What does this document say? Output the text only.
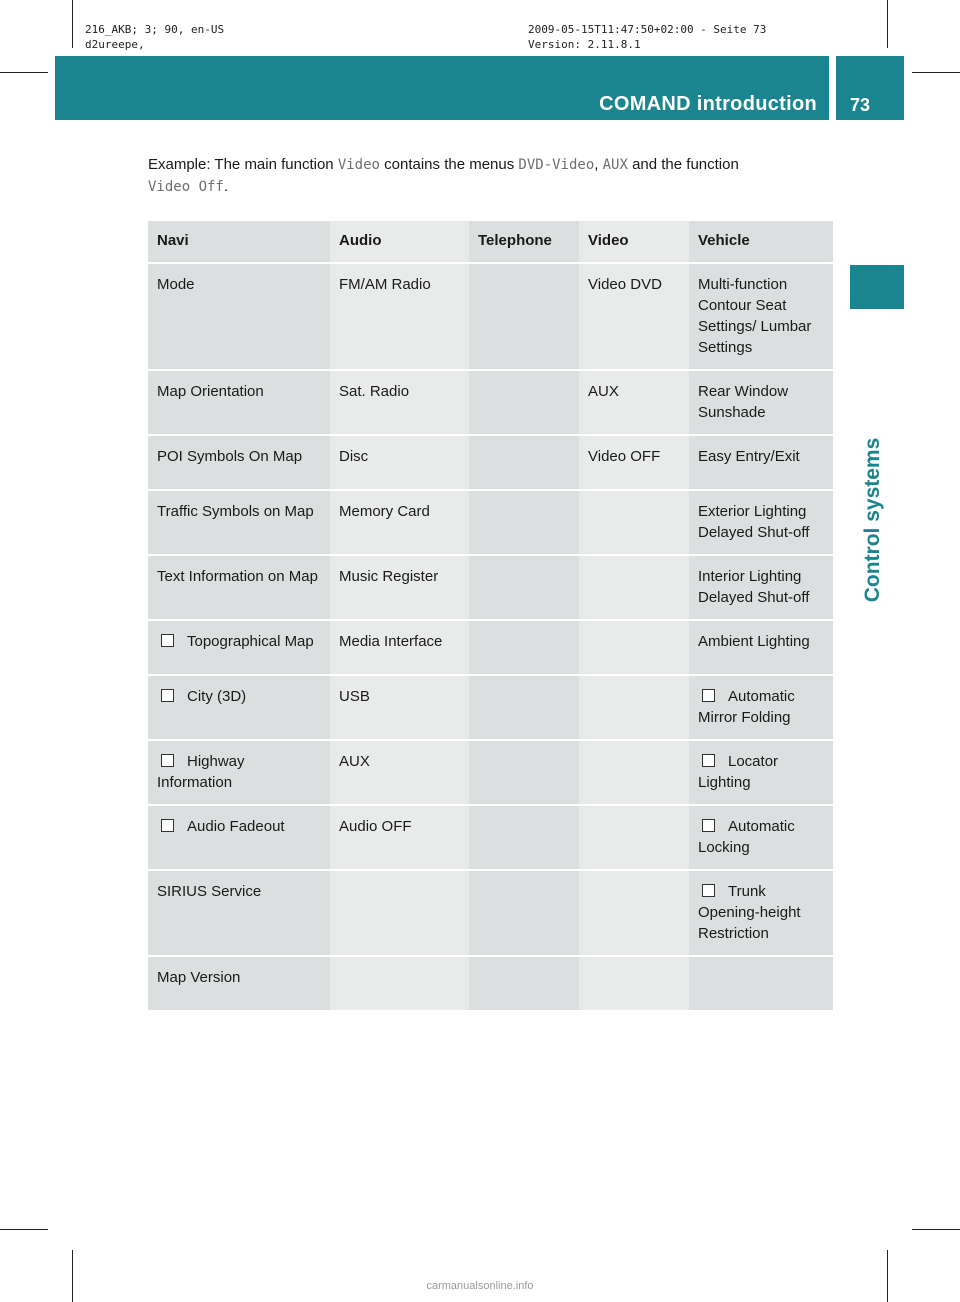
216_AKB; 3; 90, en-US
d2ureepe,
2009-05-15T11:47:50+02:00 - Seite 73
Version: 2.11.8.1
COMAND introduction 73
Control systems
Example: The main function Video contains the menus DVD-Video, AUX and the function
Video Off.
Navi	Audio	Telephone	Video	Vehicle
Mode	FM/AM Radio		Video DVD	Multi-function Contour Seat Settings/ Lumbar Settings
Map Orientation	Sat. Radio		AUX	Rear Window Sunshade
POI Symbols On Map	Disc		Video OFF	Easy Entry/Exit
Traffic Symbols on Map	Memory Card			Exterior Lighting Delayed Shut-off
Text Information on Map	Music Register			Interior Lighting Delayed Shut-off
Topographical Map	Media Interface			Ambient Lighting
City (3D)	USB			Automatic Mirror Folding
Highway Information	AUX			Locator Lighting
Audio Fadeout	Audio OFF			Automatic Locking
SIRIUS Service				Trunk Opening-height Restriction
Map Version				
carmanualsonline.info
